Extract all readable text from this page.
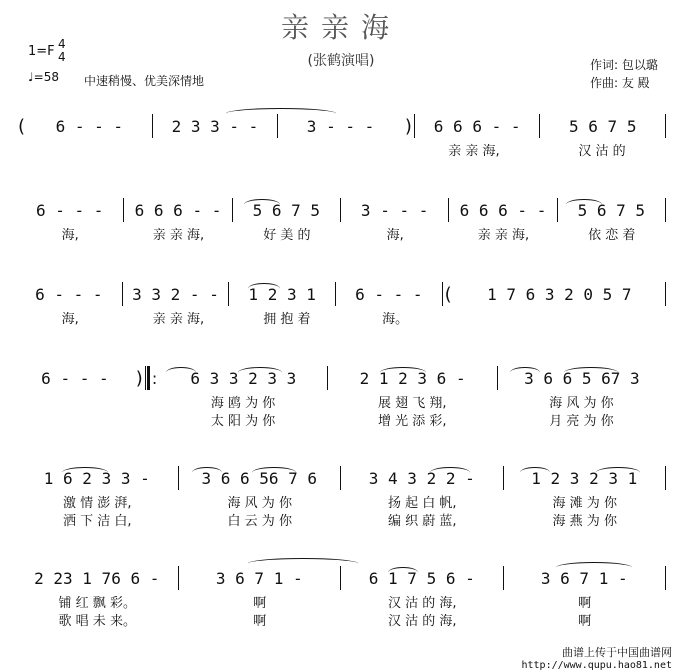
亲亲海
(张鹤演唱)
1=F 4
4
♩=58 中速稍慢、优美深情地
作词: 包以璐
作曲: 友 殿
(	6 - - -	2 3 3 - -	3 - - -	)	6 6 6 - -	5 6 7 5
亲 亲 海,	汉 沽 的
6 - - -	6 6 6 - -	5 6 7 5	3 - - -	6 6 6 - -	5 6 7 5
海,	亲 亲 海,	好 美 的	海,	亲 亲 海,	依 恋 着
6 - - -	3 3 2 - -	1 2 3 1	6 - - -	(	1 7 6 3 2 0 5 7
海,	亲 亲 海,	拥 抱 着	海。
6 - - -	) :	6 3 3 2 3 3	2 1 2 3 6 -	3 6 6 5 67 3
海 鸥 为 你	展 翅 飞 翔,	海 风 为 你
太 阳 为 你	增 光 添 彩,	月 亮 为 你
1 6 2 3 3 -	3 6 6 56 7 6	3 4 3 2 2 -	1 2 3 2 3 1
激 情 澎 湃,	海 风 为 你	扬 起 白 帆,	海 滩 为 你
洒 下 洁 白,	白 云 为 你	编 织 蔚 蓝,	海 燕 为 你
2 23 1 76 6 -	3 6 7 1 -	6 1 7 5 6 -	3 6 7 1 -
铺 红 飘 彩。	啊	汉 沽 的 海,	啊
歌 唱 未 来。	啊	汉 沽 的 海,	啊
曲谱上传于中国曲谱网
http://www.qupu.hao81.net
